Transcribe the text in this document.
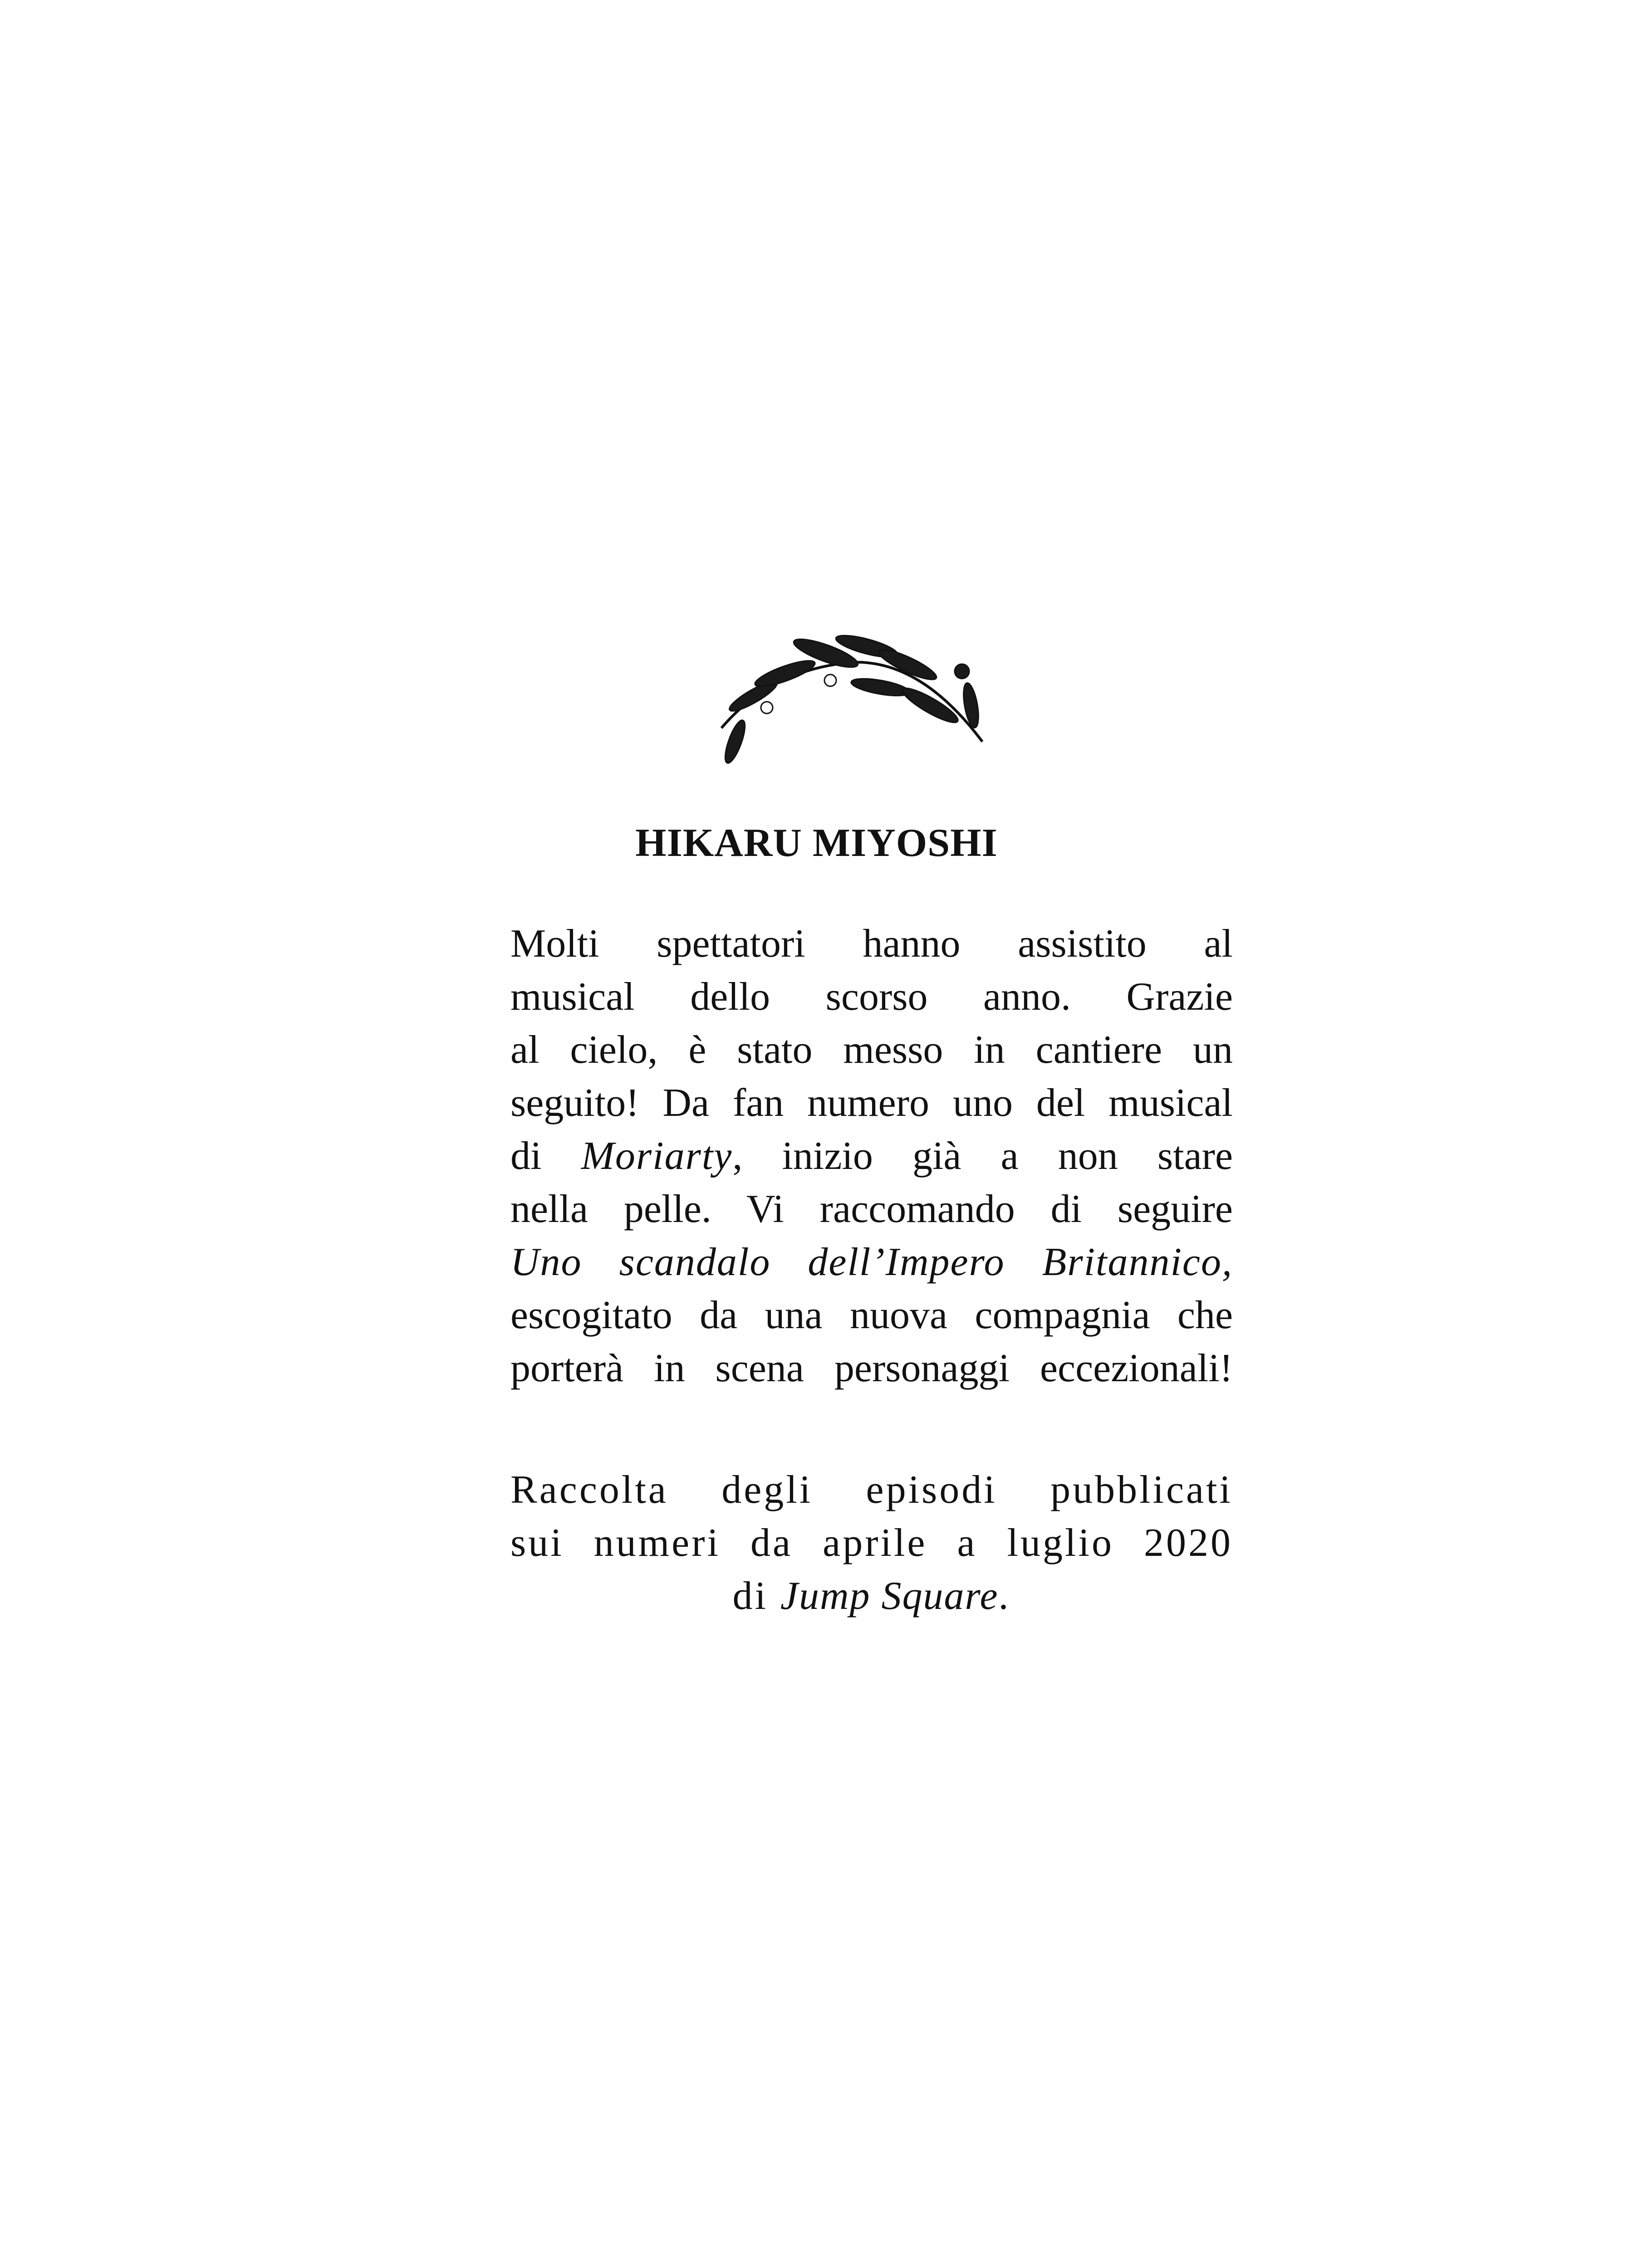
HIKARU MIYOSHI
Molti spettatori hanno assistito al
musical dello scorso anno. Grazie
al cielo, è stato messo in cantiere un
seguito! Da fan numero uno del musical
di Moriarty, inizio già a non stare
nella pelle. Vi raccomando di seguire
Uno scandalo dell’Impero Britannico,
escogitato da una nuova compagnia che
porterà in scena personaggi eccezionali!
Raccolta degli episodi pubblicati
sui numeri da aprile a luglio 2020
di Jump Square.
